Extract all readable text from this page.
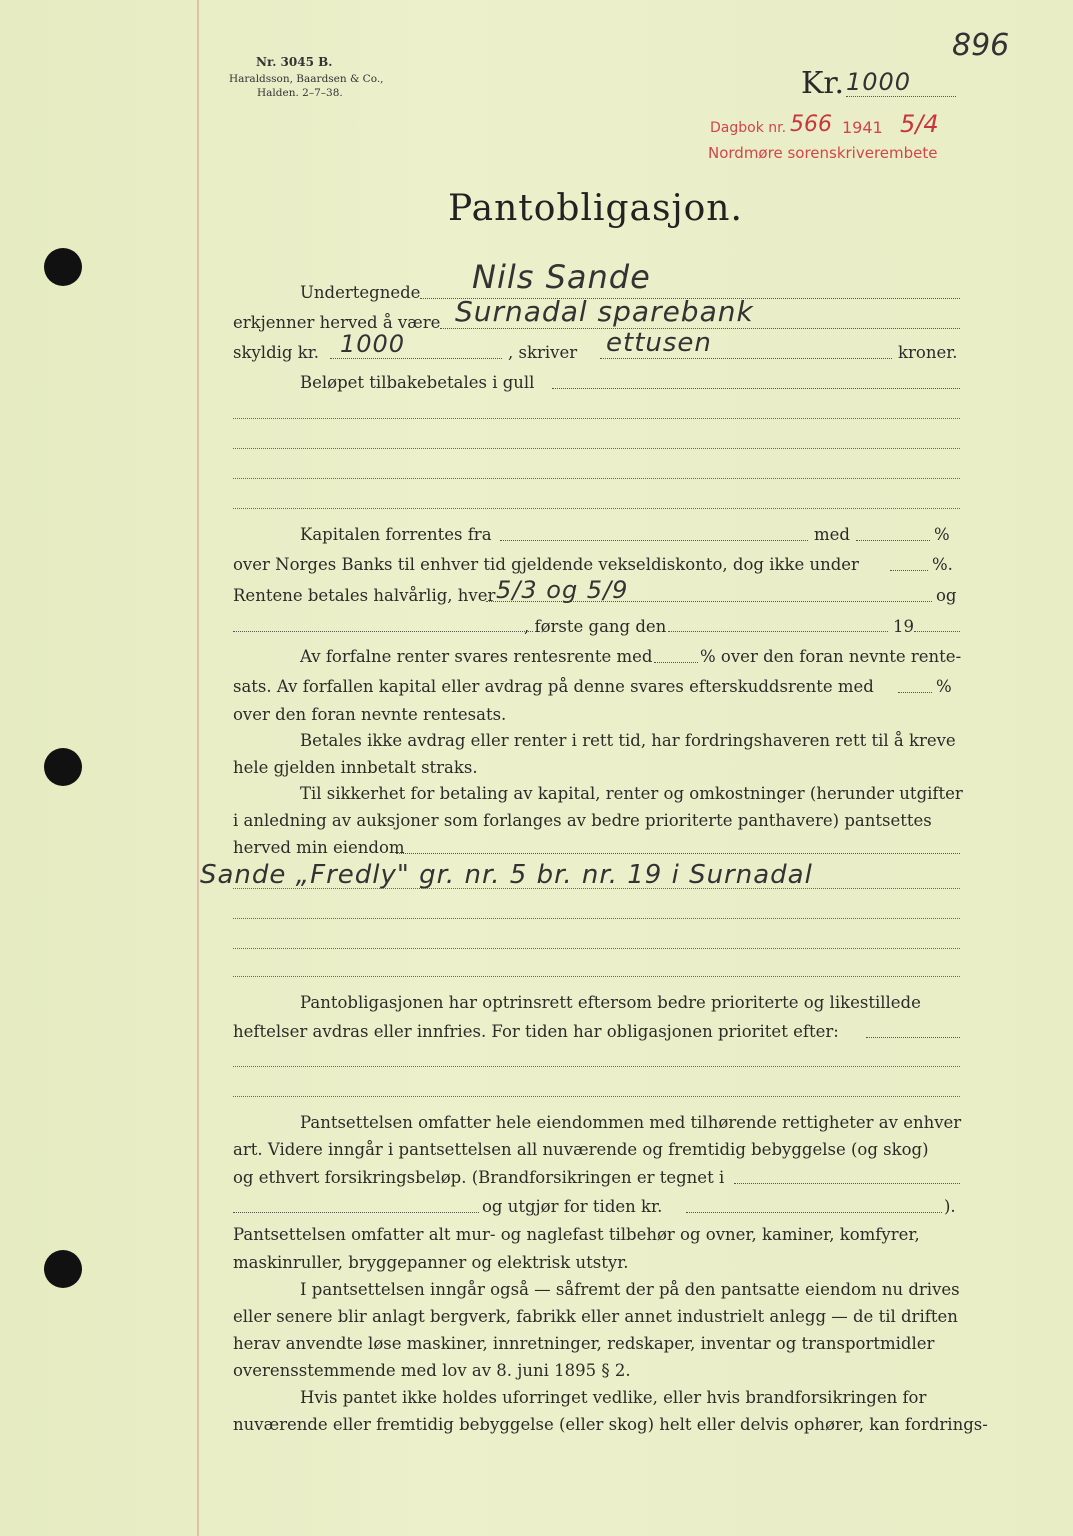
896
Nr. 3045 B.
Haraldsson, Baardsen & Co.,
Halden. 2–7–38.	Kr. 1000
Dagbok nr. 566 1941 5/4
Nordmøre sorenskriverembete
Pantobligasjon.
Undertegnede Nils Sande
erkjenner herved å være Surnadal sparebank
skyldig kr. 1000	, skriver ettusen	kroner.
Beløpet tilbakebetales i gull
Kapitalen forrentes fra	med	%
over Norges Banks til enhver tid gjeldende vekseldiskonto, dog ikke under	%.
Rentene betales halvårlig, hver 5/3 og 5/9	og
, første gang den	19
Av forfalne renter svares rentesrente med	% over den foran nevnte rente-
sats. Av forfallen kapital eller avdrag på denne svares efterskuddsrente med	%
over den foran nevnte rentesats.
Betales ikke avdrag eller renter i rett tid, har fordringshaveren rett til å kreve
hele gjelden innbetalt straks.
Til sikkerhet for betaling av kapital, renter og omkostninger (herunder utgifter
i anledning av auksjoner som forlanges av bedre prioriterte panthavere) pantsettes
herved min eiendom
Sande „Fredly" gr. nr. 5 br. nr. 19 i Surnadal
Pantobligasjonen har optrinsrett eftersom bedre prioriterte og likestillede
heftelser avdras eller innfries. For tiden har obligasjonen prioritet efter:
Pantsettelsen omfatter hele eiendommen med tilhørende rettigheter av enhver
art. Videre inngår i pantsettelsen all nuværende og fremtidig bebyggelse (og skog)
og ethvert forsikringsbeløp. (Brandforsikringen er tegnet i
og utgjør for tiden kr.	).
Pantsettelsen omfatter alt mur- og naglefast tilbehør og ovner, kaminer, komfyrer,
maskinruller, bryggepanner og elektrisk utstyr.
I pantsettelsen inngår også — såfremt der på den pantsatte eiendom nu drives
eller senere blir anlagt bergverk, fabrikk eller annet industrielt anlegg — de til driften
herav anvendte løse maskiner, innretninger, redskaper, inventar og transportmidler
overensstemmende med lov av 8. juni 1895 § 2.
Hvis pantet ikke holdes uforringet vedlike, eller hvis brandforsikringen for
nuværende eller fremtidig bebyggelse (eller skog) helt eller delvis ophører, kan fordrings-
